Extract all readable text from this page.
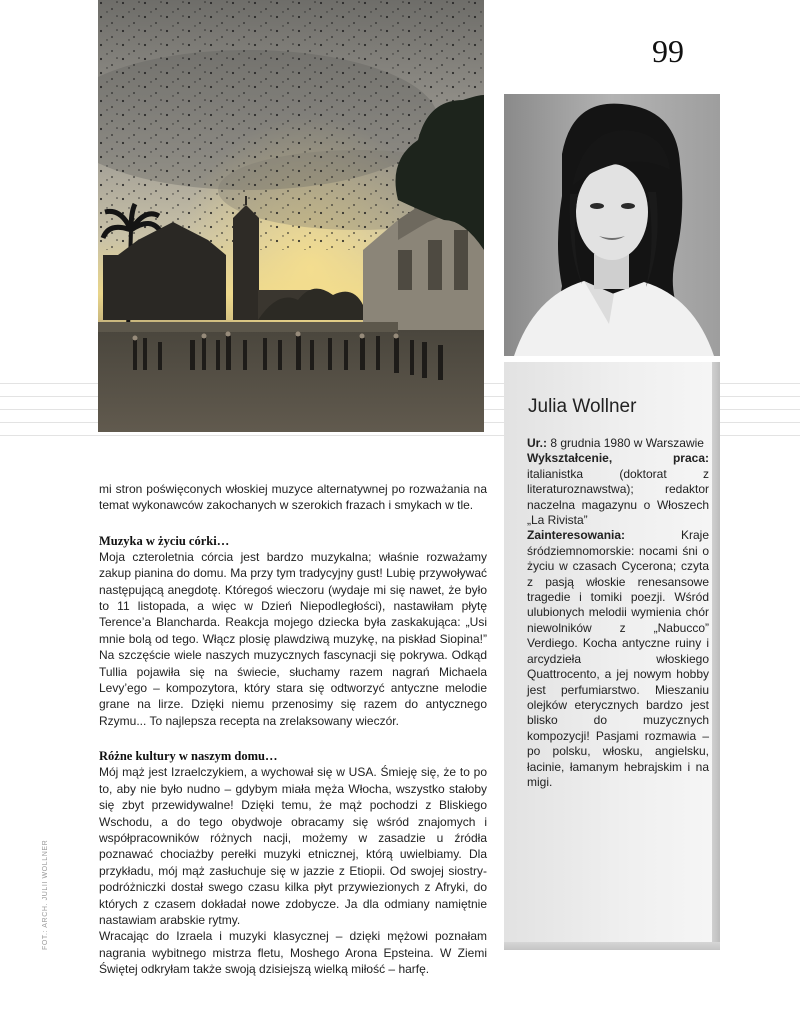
99
FOT.: ARCH. JULII WOLLNER
Julia Wollner

Ur.: 8 grudnia 1980 w Warszawie
Wykształcenie, praca: italianistka (doktorat z literaturoznawstwa); redaktor naczelna magazynu o Włoszech „La Rivista”
Zainteresowania: Kraje śródziemnomorskie: nocami śni o życiu w czasach Cycerona; czyta z pasją włoskie renesansowe tragedie i tomiki poezji. Wśród ulubionych melodii wymienia chór niewolników z „Nabucco” Verdiego. Kocha antyczne ruiny i arcydzieła włoskiego Quattrocento, a jej nowym hobby jest perfumiarstwo. Mieszaniu olejków eterycznych bardzo jest blisko do muzycznych kompozycji! Pasjami rozmawia – po polsku, włosku, angielsku, łacinie, łamanym hebrajskim i na migi.

mi stron poświęconych włoskiej muzyce alternatywnej po rozważania na temat wykonawców zakochanych w szerokich frazach i smykach w tle.

Muzyka w życiu córki…

Moja czteroletnia córcia jest bardzo muzykalna; właśnie rozważamy zakup pianina do domu. Ma przy tym tradycyjny gust! Lubię przywoływać następującą anegdotę. Któregoś wieczoru (wydaje mi się nawet, że było to 11 listopada, a więc w Dzień Niepodległości), nastawiłam płytę Terence’a Blancharda. Reakcja mojego dziecka była zaskakująca: „Usi mnie bolą od tego. Włącz plosię plawdziwą muzykę, na piskład Siopina!” Na szczęście wiele naszych muzycznych fascynacji się pokrywa. Odkąd Tullia pojawiła się na świecie, słuchamy razem nagrań Michaela Levy’ego – kompozytora, który stara się odtworzyć antyczne melodie grane na lirze. Dzięki niemu przenosimy się razem do antycznego Rzymu... To najlepsza recepta na zrelaksowany wieczór.

Różne kultury w naszym domu…

Mój mąż jest Izraelczykiem, a wychował się w USA. Śmieję się, że to po to, aby nie było nudno – gdybym miała męża Włocha, wszystko stałoby się zbyt przewidywalne! Dzięki temu, że mąż pochodzi z Bliskiego Wschodu, a do tego obydwoje obracamy się wśród znajomych i współpracowników różnych nacji, możemy w zasadzie u źródła poznawać chociażby perełki muzyki etnicznej, którą uwielbiamy. Dla przykładu, mój mąż zasłuchuje się w jazzie z Etiopii. Od swojej siostry-podróżniczki dostał swego czasu kilka płyt przywiezionych z Afryki, do których z czasem dokładał nowe zdobycze. Ja dla odmiany namiętnie nastawiam arabskie rytmy.

Wracając do Izraela i muzyki klasycznej – dzięki mężowi poznałam nagrania wybitnego mistrza fletu, Moshego Arona Epsteina. W Ziemi Świętej odkryłam także swoją dzisiejszą wielką miłość – harfę.
